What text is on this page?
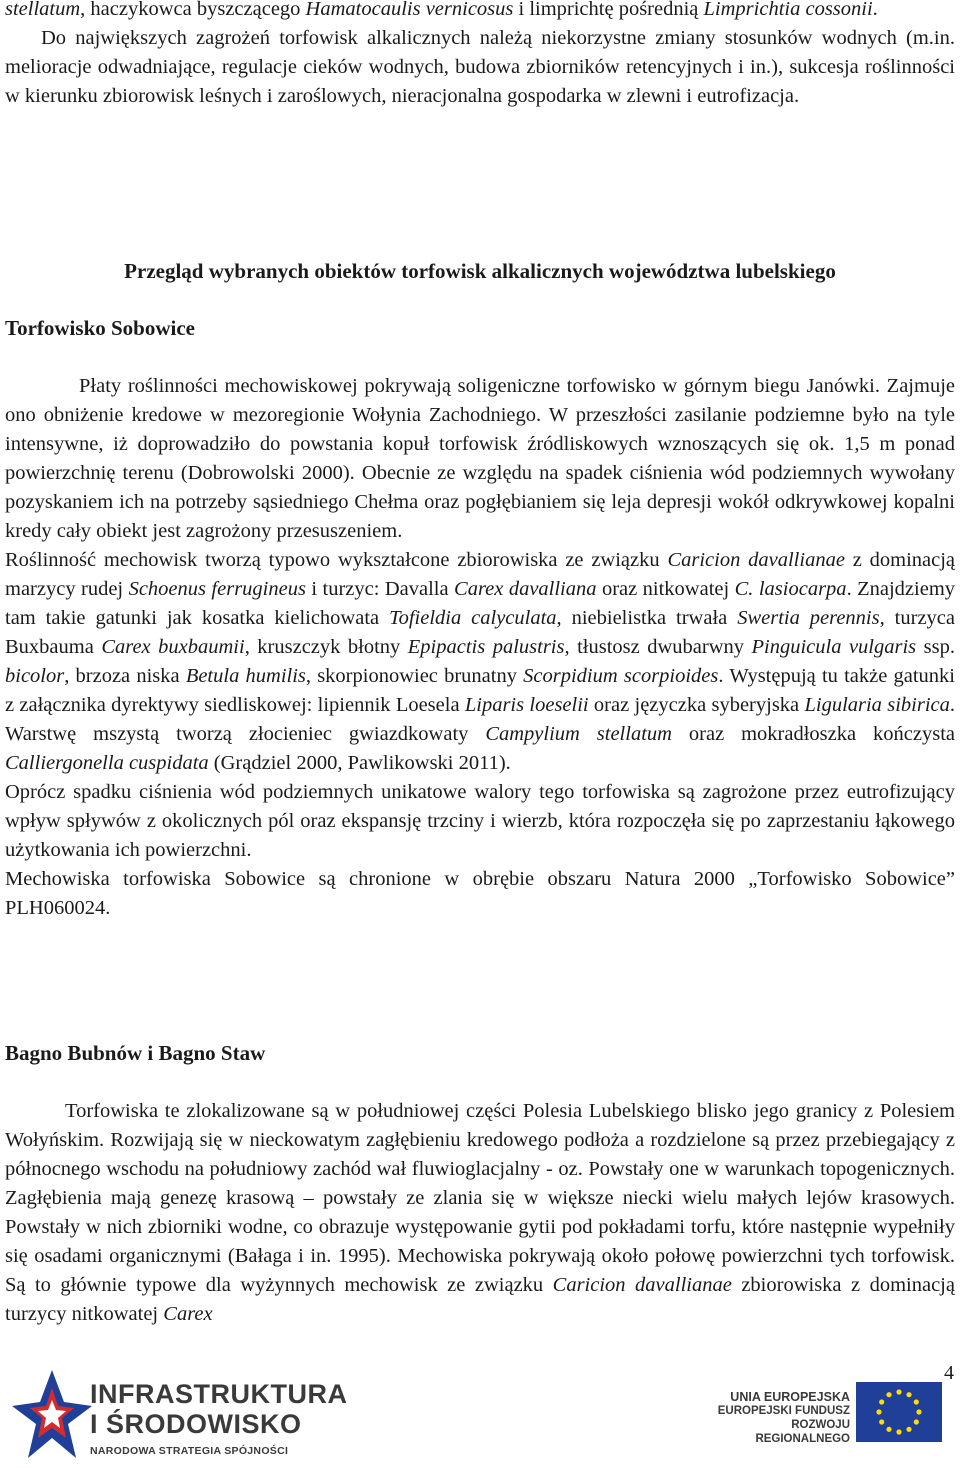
stellatum, haczykowca byszczącego Hamatocaulis vernicosus i limprichtę pośrednią Limprichtia cossonii.

Do największych zagrożeń torfowisk alkalicznych należą niekorzystne zmiany stosunków wodnych (m.in. melioracje odwadniające, regulacje cieków wodnych, budowa zbiorników retencyjnych i in.), sukcesja roślinności w kierunku zbiorowisk leśnych i zaroślowych, nieracjonalna gospodarka w zlewni i eutrofizacja.

Przegląd wybranych obiektów torfowisk alkalicznych województwa lubelskiego
Torfowisko Sobowice

Płaty roślinności mechowiskowej pokrywają soligeniczne torfowisko w górnym biegu Janówki. Zajmuje ono obniżenie kredowe w mezoregionie Wołynia Zachodniego. W przeszłości zasilanie podziemne było na tyle intensywne, iż doprowadziło do powstania kopuł torfowisk źródliskowych wznoszących się ok. 1,5 m ponad powierzchnię terenu (Dobrowolski 2000). Obecnie ze względu na spadek ciśnienia wód podziemnych wywołany pozyskaniem ich na potrzeby sąsiedniego Chełma oraz pogłębianiem się leja depresji wokół odkrywkowej kopalni kredy cały obiekt jest zagrożony przesuszeniem.

Roślinność mechowisk tworzą typowo wykształcone zbiorowiska ze związku Caricion davallianae z dominacją marzycy rudej Schoenus ferrugineus i turzyc: Davalla Carex davalliana oraz nitkowatej C. lasiocarpa. Znajdziemy tam takie gatunki jak kosatka kielichowata Tofieldia calyculata, niebielistka trwała Swertia perennis, turzyca Buxbauma Carex buxbaumii, kruszczyk błotny Epipactis palustris, tłustosz dwubarwny Pinguicula vulgaris ssp. bicolor, brzoza niska Betula humilis, skorpionowiec brunatny Scorpidium scorpioides. Występują tu także gatunki z załącznika dyrektywy siedliskowej: lipiennik Loesela Liparis loeselii oraz języczka syberyjska Ligularia sibirica. Warstwę mszystą tworzą złocieniec gwiazdkowaty Campylium stellatum oraz mokradłoszka kończysta Calliergonella cuspidata (Grądziel 2000, Pawlikowski 2011).

Oprócz spadku ciśnienia wód podziemnych unikatowe walory tego torfowiska są zagrożone przez eutrofizujący wpływ spływów z okolicznych pól oraz ekspansję trzciny i wierzb, która rozpoczęła się po zaprzestaniu łąkowego użytkowania ich powierzchni.

Mechowiska torfowiska Sobowice są chronione w obrębie obszaru Natura 2000 „Torfowisko Sobowice” PLH060024.

Bagno Bubnów i Bagno Staw

Torfowiska te zlokalizowane są w południowej części Polesia Lubelskiego blisko jego granicy z Polesiem Wołyńskim. Rozwijają się w nieckowatym zagłębieniu kredowego podłoża a rozdzielone są przez przebiegający z północnego wschodu na południowy zachód wał fluwioglacjalny - oz. Powstały one w warunkach topogenicznych. Zagłębienia mają genezę krasową – powstały ze zlania się w większe niecki wielu małych lejów krasowych. Powstały w nich zbiorniki wodne, co obrazuje występowanie gytii pod pokładami torfu, które następnie wypełniły się osadami organicznymi (Bałaga i in. 1995). Mechowiska pokrywają około połowę powierzchni tych torfowisk. Są to głównie typowe dla wyżynnych mechowisk ze związku Caricion davallianae zbiorowiska z dominacją turzycy nitkowatej Carex

4
INFRASTRUKTURA
I ŚRODOWISKO
NARODOWA STRATEGIA SPÓJNOŚCI
UNIA EUROPEJSKA
EUROPEJSKI FUNDUSZ
ROZWOJU REGIONALNEGO
